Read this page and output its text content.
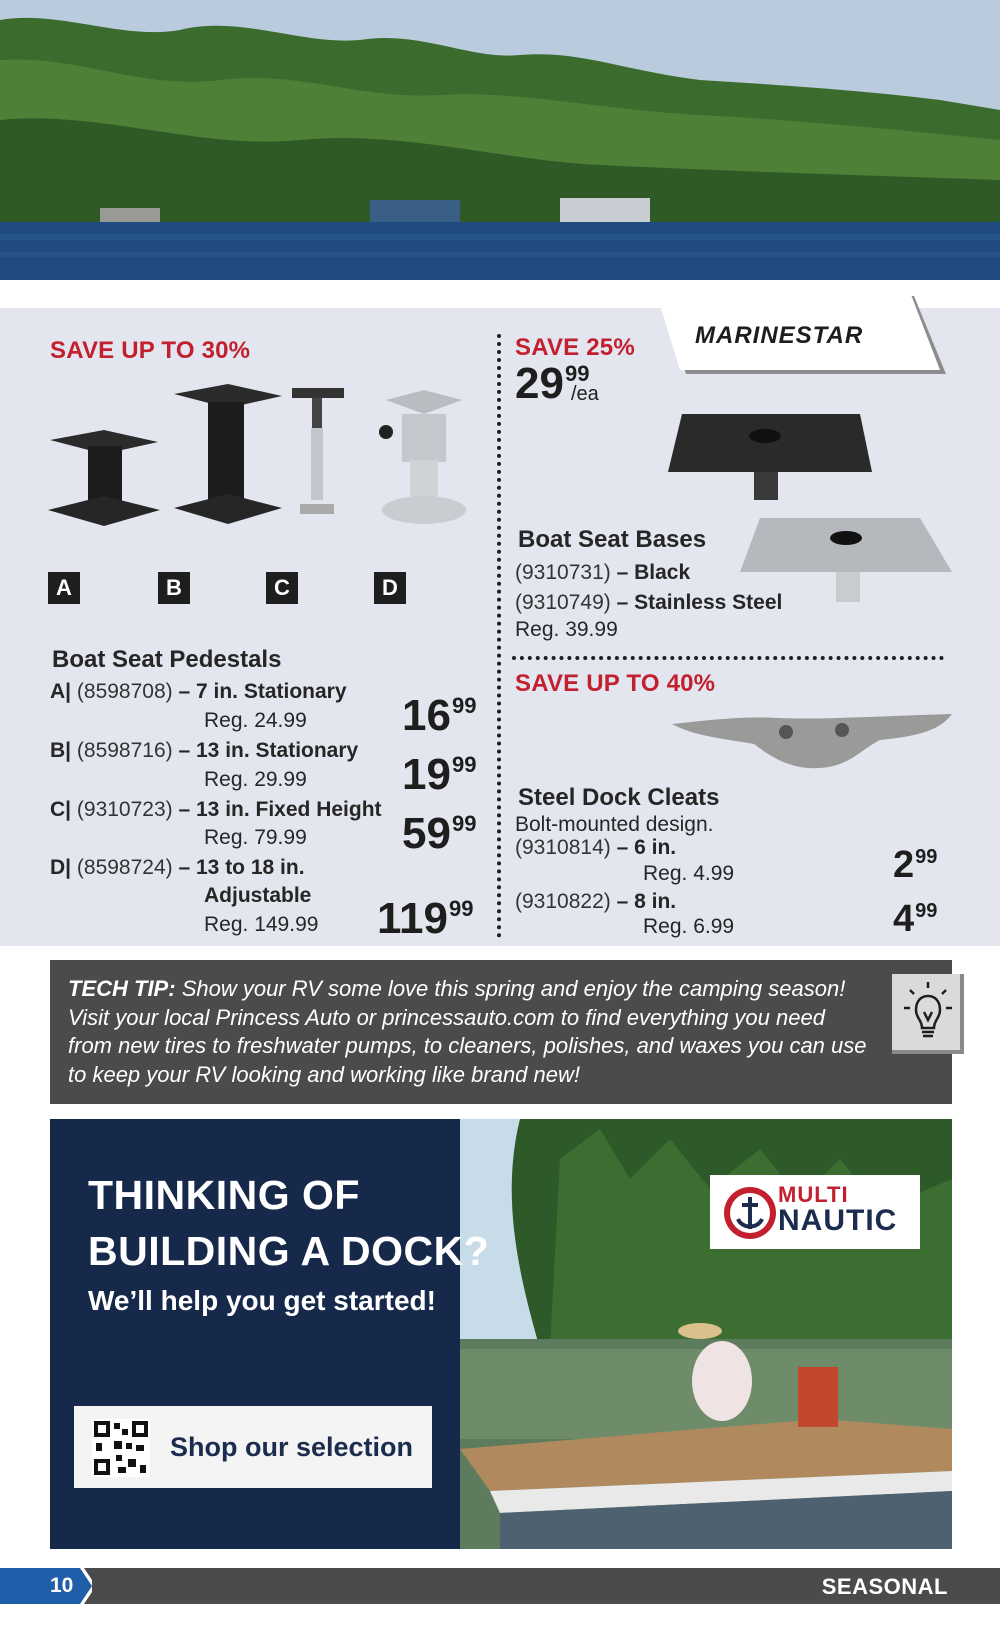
SAVE UP TO 30%
A	B	C	D
Boat Seat Pedestals
A| (8598708) – 7 in. Stationary
Reg. 24.99 $16^{99}$
B| (8598716) – 13 in. Stationary
Reg. 29.99 $19^{99}$
C| (9310723) – 13 in. Fixed Height
Reg. 79.99 $59^{99}$
D| (8598724) – 13 to 18 in.
Adjustable
Reg. 149.99 $119^{99}$
MARINESTAR
SAVE 25%
$29^{99}$
/ea
Boat Seat Bases
(9310731) – Black
(9310749) – Stainless Steel
Reg. 39.99
SAVE UP TO 40%
Steel Dock Cleats
Bolt-mounted design.
(9310814) – 6 in.
Reg. 4.99	$2^{99}$
(9310822) – 8 in.
Reg. 6.99	$4^{99}$
TECH TIP: Show your RV some love this spring and enjoy the camping season!
Visit your local Princess Auto or princessauto.com to find everything you need
from new tires to freshwater pumps, to cleaners, polishes, and waxes you can use
to keep your RV looking and working like brand new!
THINKING OF
BUILDING A DOCK?
We’ll help you get started!
MULTI
NAUTIC
Shop our selection
10	SEASONAL
